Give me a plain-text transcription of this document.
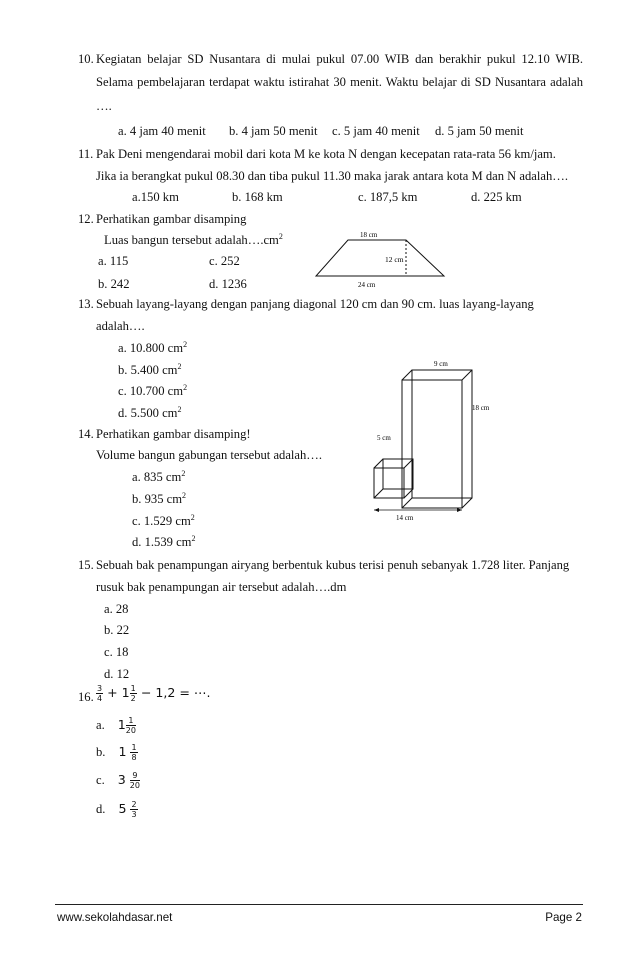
10. Kegiatan belajar SD Nusantara di mulai pukul 07.00 WIB dan berakhir pukul 12.10 WIB.
Selama pembelajaran terdapat waktu istirahat 30 menit. Waktu belajar di SD Nusantara adalah
….
a. 4 jam 40 menit b. 4 jam 50 menit c. 5 jam 40 menit d. 5 jam 50 menit
11. Pak Deni mengendarai mobil dari kota M ke kota N dengan kecepatan rata-rata 56 km/jam.
Jika ia berangkat pukul 08.30 dan tiba pukul 11.30 maka jarak antara kota M dan N adalah….
a.150 km	b. 168 km	c. 187,5 km	d. 225 km
12. Perhatikan gambar disamping
Luas bangun tersebut $adalah\dots.cm^2$
a. 115	c. 252
b. 242	d. 1236
18 cm
12 cm
24 cm
13. Sebuah layang-layang dengan panjang diagonal 120 cm dan 90 cm. luas layang-layang
adalah….
a. 10.800 $cm^2$
b. 5.400 $cm^2$
c. 10.700 $cm^2$
d. 5.500 $cm^2$
14. Perhatikan gambar disamping!
Volume bangun gabungan tersebut adalah….
a. 835 $cm^2$
b. 935 $cm^2$
c. 1.529 $cm^2$
d. 1.539 $cm^2$
9 cm
18 cm
5 cm
14 cm
15. Sebuah bak penampungan airyang berbentuk kubus terisi penuh sebanyak 1.728 liter. Panjang
rusuk bak penampungan air tersebut adalah….dm
a. 28
b. 22
c. 18
d. 12
16. $\frac{3}{4} + 1 \frac{1}{2} - 1,2$ = ⋯.
a. $1 \frac{1}{20}$
b. $1 \frac{1}{8}$
c. $3 \frac{9}{20}$
d. $5 \frac{2}{3}$
www.sekolahdasar.net	Page 2
